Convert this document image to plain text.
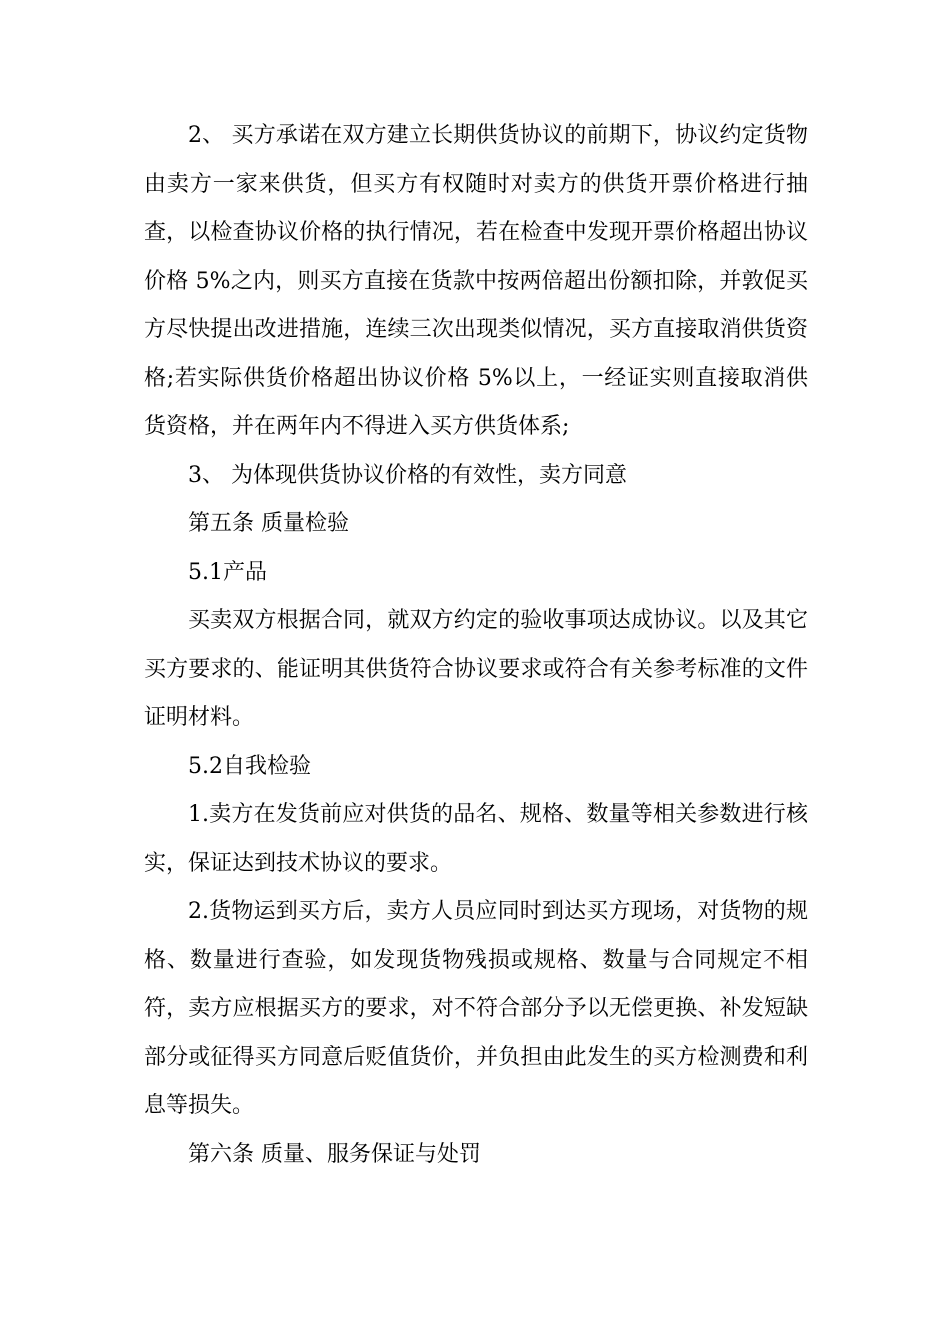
2、 买方承诺在双方建立长期供货协议的前期下，协议约定货物由卖方一家来供货，但买方有权随时对卖方的供货开票价格进行抽查，以检查协议价格的执行情况，若在检查中发现开票价格超出协议价格 5%之内，则买方直接在货款中按两倍超出份额扣除，并敦促买方尽快提出改进措施，连续三次出现类似情况，买方直接取消供货资格;若实际供货价格超出协议价格 5%以上，一经证实则直接取消供货资格，并在两年内不得进入买方供货体系;

3、 为体现供货协议价格的有效性，卖方同意

第五条 质量检验

5.1产品

买卖双方根据合同，就双方约定的验收事项达成协议。以及其它买方要求的、能证明其供货符合协议要求或符合有关参考标准的文件证明材料。

5.2自我检验

1.卖方在发货前应对供货的品名、规格、数量等相关参数进行核实，保证达到技术协议的要求。

2.货物运到买方后，卖方人员应同时到达买方现场，对货物的规格、数量进行查验，如发现货物残损或规格、数量与合同规定不相符，卖方应根据买方的要求，对不符合部分予以无偿更换、补发短缺部分或征得买方同意后贬值货价，并负担由此发生的买方检测费和利息等损失。

第六条 质量、服务保证与处罚
